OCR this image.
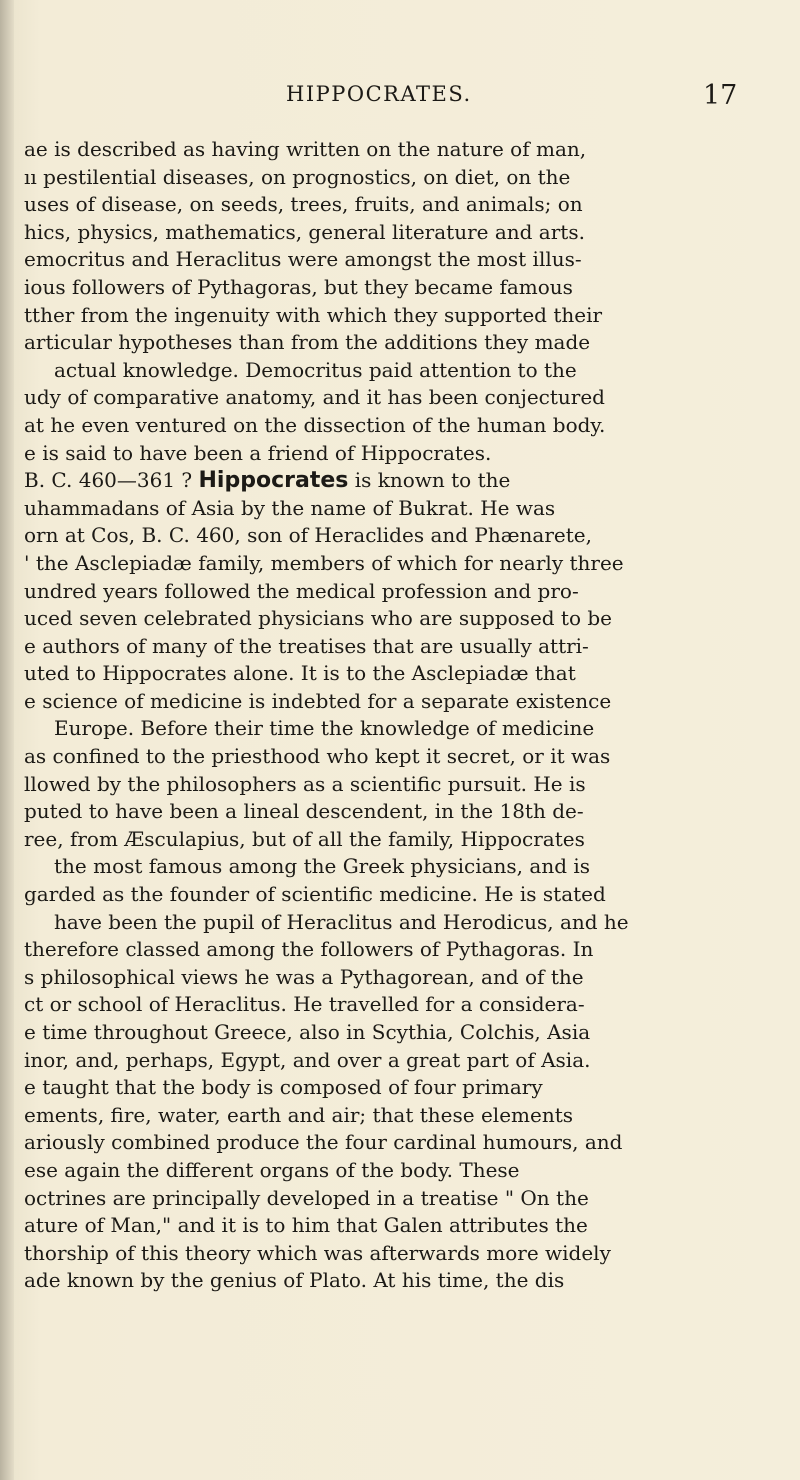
HIPPOCRATES.	17
ae is described as having written on the nature of man,
ıı pestilential diseases, on prognostics, on diet, on the
uses of disease, on seeds, trees, fruits, and animals; on
hics, physics, mathematics, general literature and arts.
emocritus and Heraclitus were amongst the most illus-
ious followers of Pythagoras, but they became famous
tther from the ingenuity with which they supported their
articular hypotheses than from the additions they made
actual knowledge. Democritus paid attention to the
udy of comparative anatomy, and it has been conjectured
at he even ventured on the dissection of the human body.
e is said to have been a friend of Hippocrates.
B. C. 460—361 ? Hippocrates is known to the
uhammadans of Asia by the name of Bukrat. He was
orn at Cos, B. C. 460, son of Heraclides and Phænarete,
' the Asclepiadæ family, members of which for nearly three
undred years followed the medical profession and pro-
uced seven celebrated physicians who are supposed to be
e authors of many of the treatises that are usually attri-
uted to Hippocrates alone. It is to the Asclepiadæ that
e science of medicine is indebted for a separate existence
Europe. Before their time the knowledge of medicine
as confined to the priesthood who kept it secret, or it was
llowed by the philosophers as a scientific pursuit. He is
puted to have been a lineal descendent, in the 18th de-
ree, from Æsculapius, but of all the family, Hippocrates
the most famous among the Greek physicians, and is
garded as the founder of scientific medicine. He is stated
have been the pupil of Heraclitus and Herodicus, and he
therefore classed among the followers of Pythagoras. In
s philosophical views he was a Pythagorean, and of the
ct or school of Heraclitus. He travelled for a considera-
e time throughout Greece, also in Scythia, Colchis, Asia
inor, and, perhaps, Egypt, and over a great part of Asia.
e taught that the body is composed of four primary
ements, fire, water, earth and air; that these elements
ariously combined produce the four cardinal humours, and
ese again the different organs of the body. These
octrines are principally developed in a treatise " On the
ature of Man," and it is to him that Galen attributes the
thorship of this theory which was afterwards more widely
ade known by the genius of Plato. At his time, the dis
